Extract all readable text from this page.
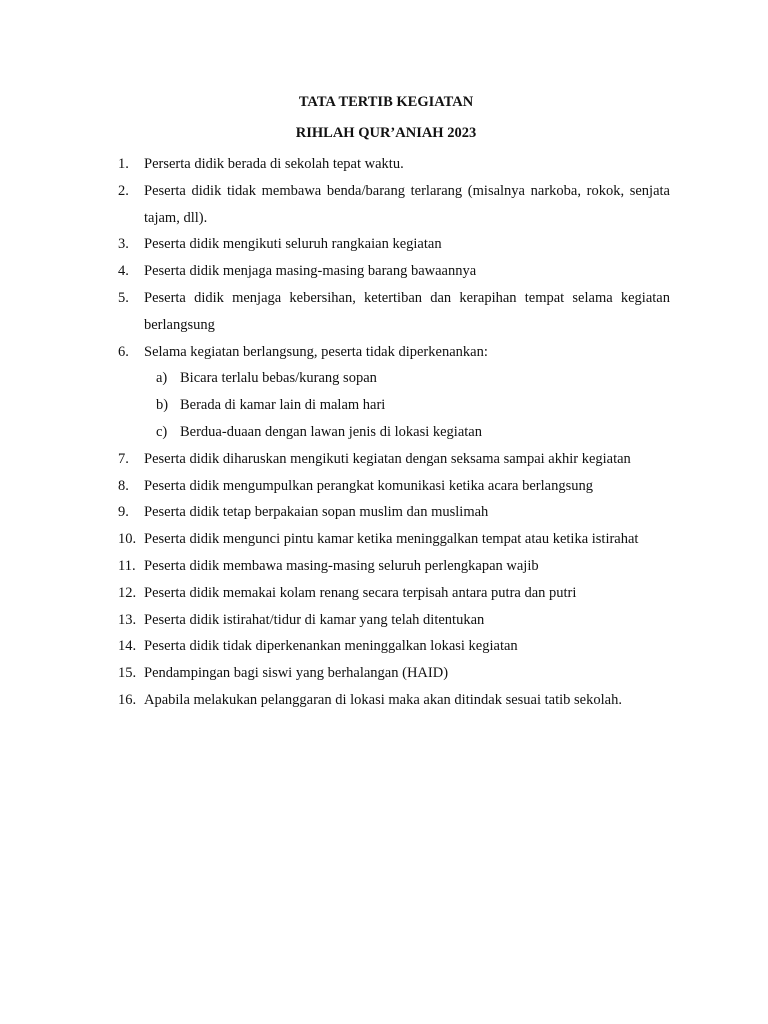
TATA TERTIB KEGIATAN
RIHLAH QUR’ANIAH 2023
1.	Perserta didik berada di sekolah tepat waktu.
2.	Peserta didik tidak membawa benda/barang terlarang (misalnya narkoba, rokok, senjata tajam, dll).
3.	Peserta didik mengikuti seluruh rangkaian kegiatan
4.	Peserta didik menjaga masing-masing barang bawaannya
5.	Peserta didik menjaga kebersihan, ketertiban dan kerapihan tempat selama kegiatan berlangsung
6.	Selama kegiatan berlangsung, peserta tidak diperkenankan:
a) Bicara terlalu bebas/kurang sopan
b) Berada di kamar lain di malam hari
c) Berdua-duaan dengan lawan jenis di lokasi kegiatan
7.	Peserta didik diharuskan mengikuti kegiatan dengan seksama sampai akhir kegiatan
8.	Peserta didik mengumpulkan perangkat komunikasi ketika acara berlangsung
9.	Peserta didik tetap berpakaian sopan muslim dan muslimah
10. Peserta didik mengunci pintu kamar ketika meninggalkan tempat atau ketika istirahat
11. Peserta didik membawa masing-masing seluruh perlengkapan wajib
12. Peserta didik memakai kolam renang secara terpisah antara putra dan putri
13. Peserta didik istirahat/tidur di kamar yang telah ditentukan
14. Peserta didik tidak diperkenankan meninggalkan lokasi kegiatan
15. Pendampingan bagi siswi yang berhalangan (HAID)
16. Apabila melakukan pelanggaran di lokasi maka akan ditindak sesuai tatib sekolah.
